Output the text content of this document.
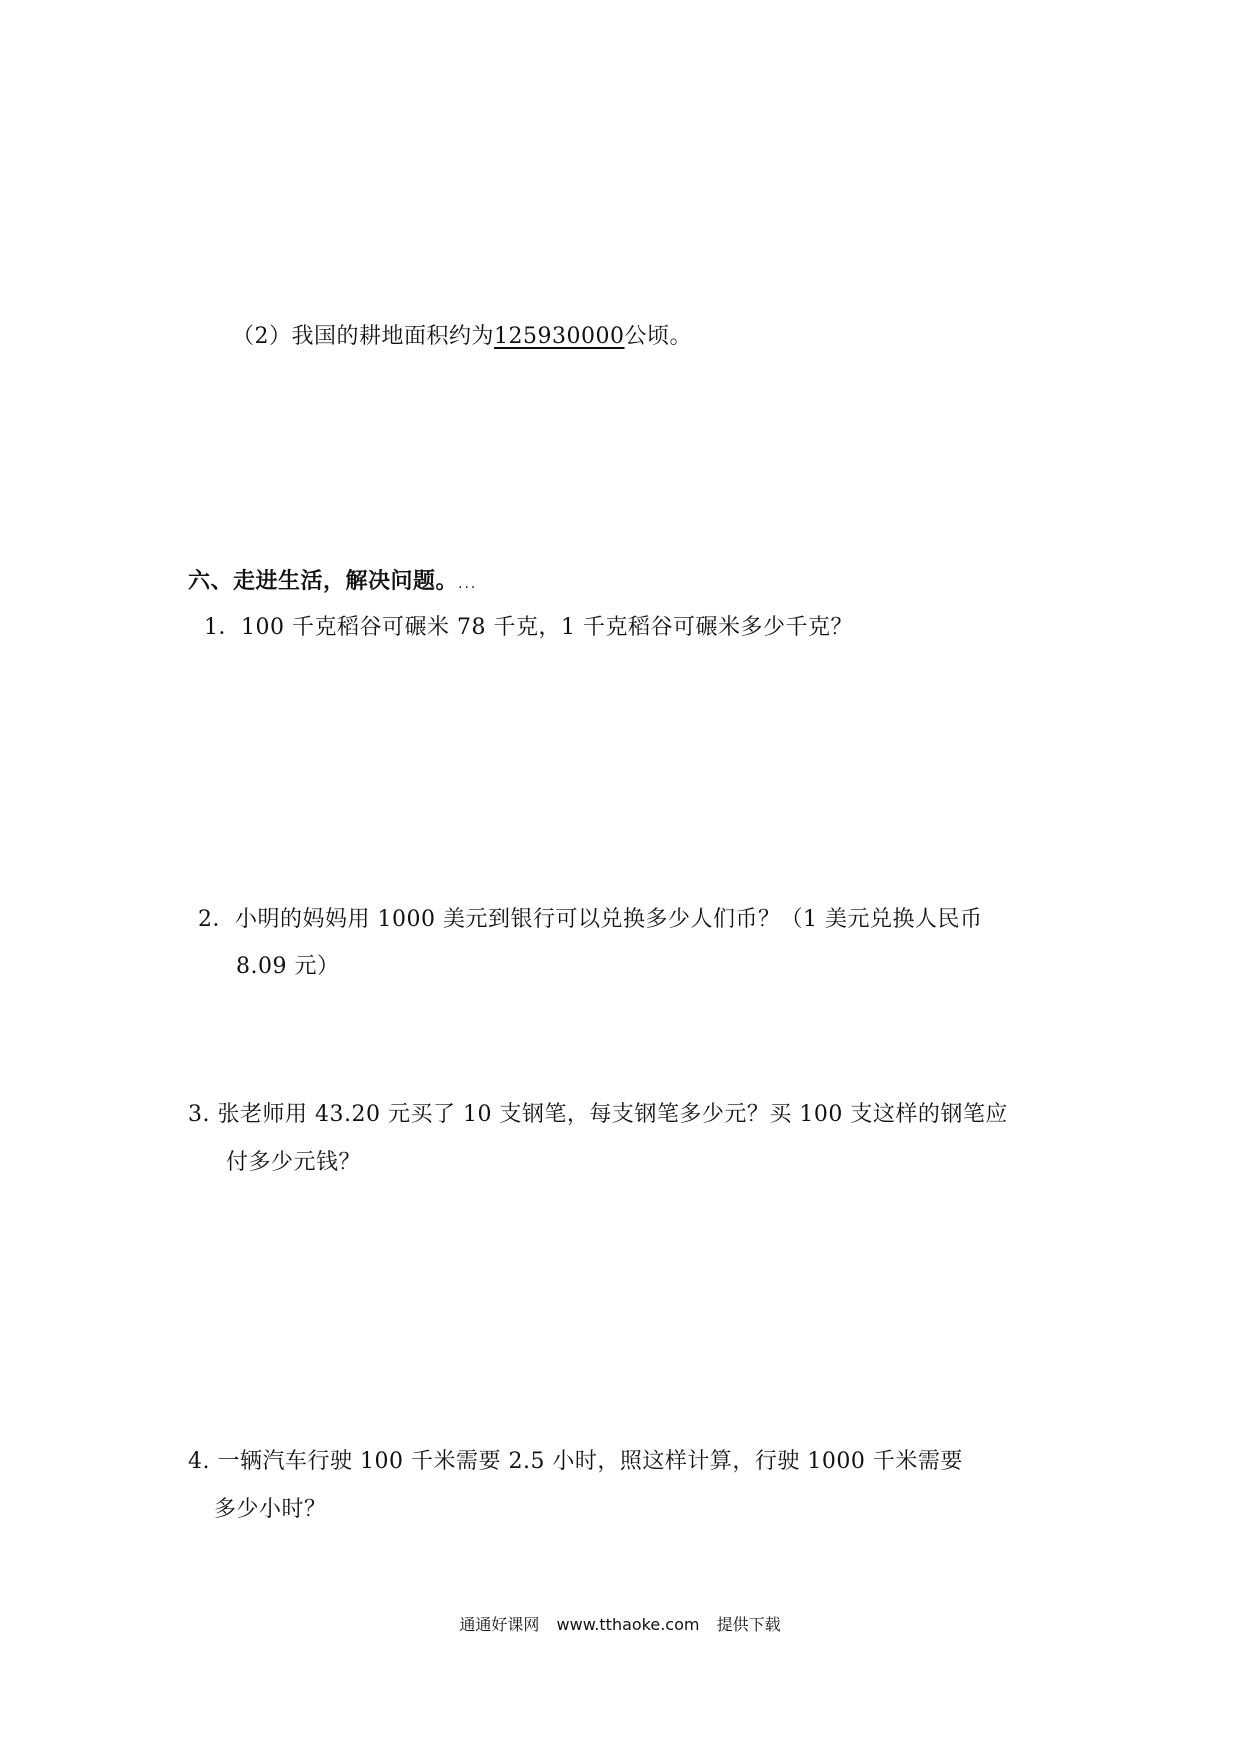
（2）我国的耕地面积约为125930000公顷。
六、走进生活，解决问题。...
1．100 千克稻谷可碾米 78 千克，1 千克稻谷可碾米多少千克？
2．小明的妈妈用 1000 美元到银行可以兑换多少人们币？（1 美元兑换人民币
8.09 元）
3. 张老师用 43.20 元买了 10 支钢笔，每支钢笔多少元？买 100 支这样的钢笔应
付多少元钱？
4. 一辆汽车行驶 100 千米需要 2.5 小时，照这样计算，行驶 1000 千米需要
多少小时？
通通好课网 www.tthaoke.com 提供下载
